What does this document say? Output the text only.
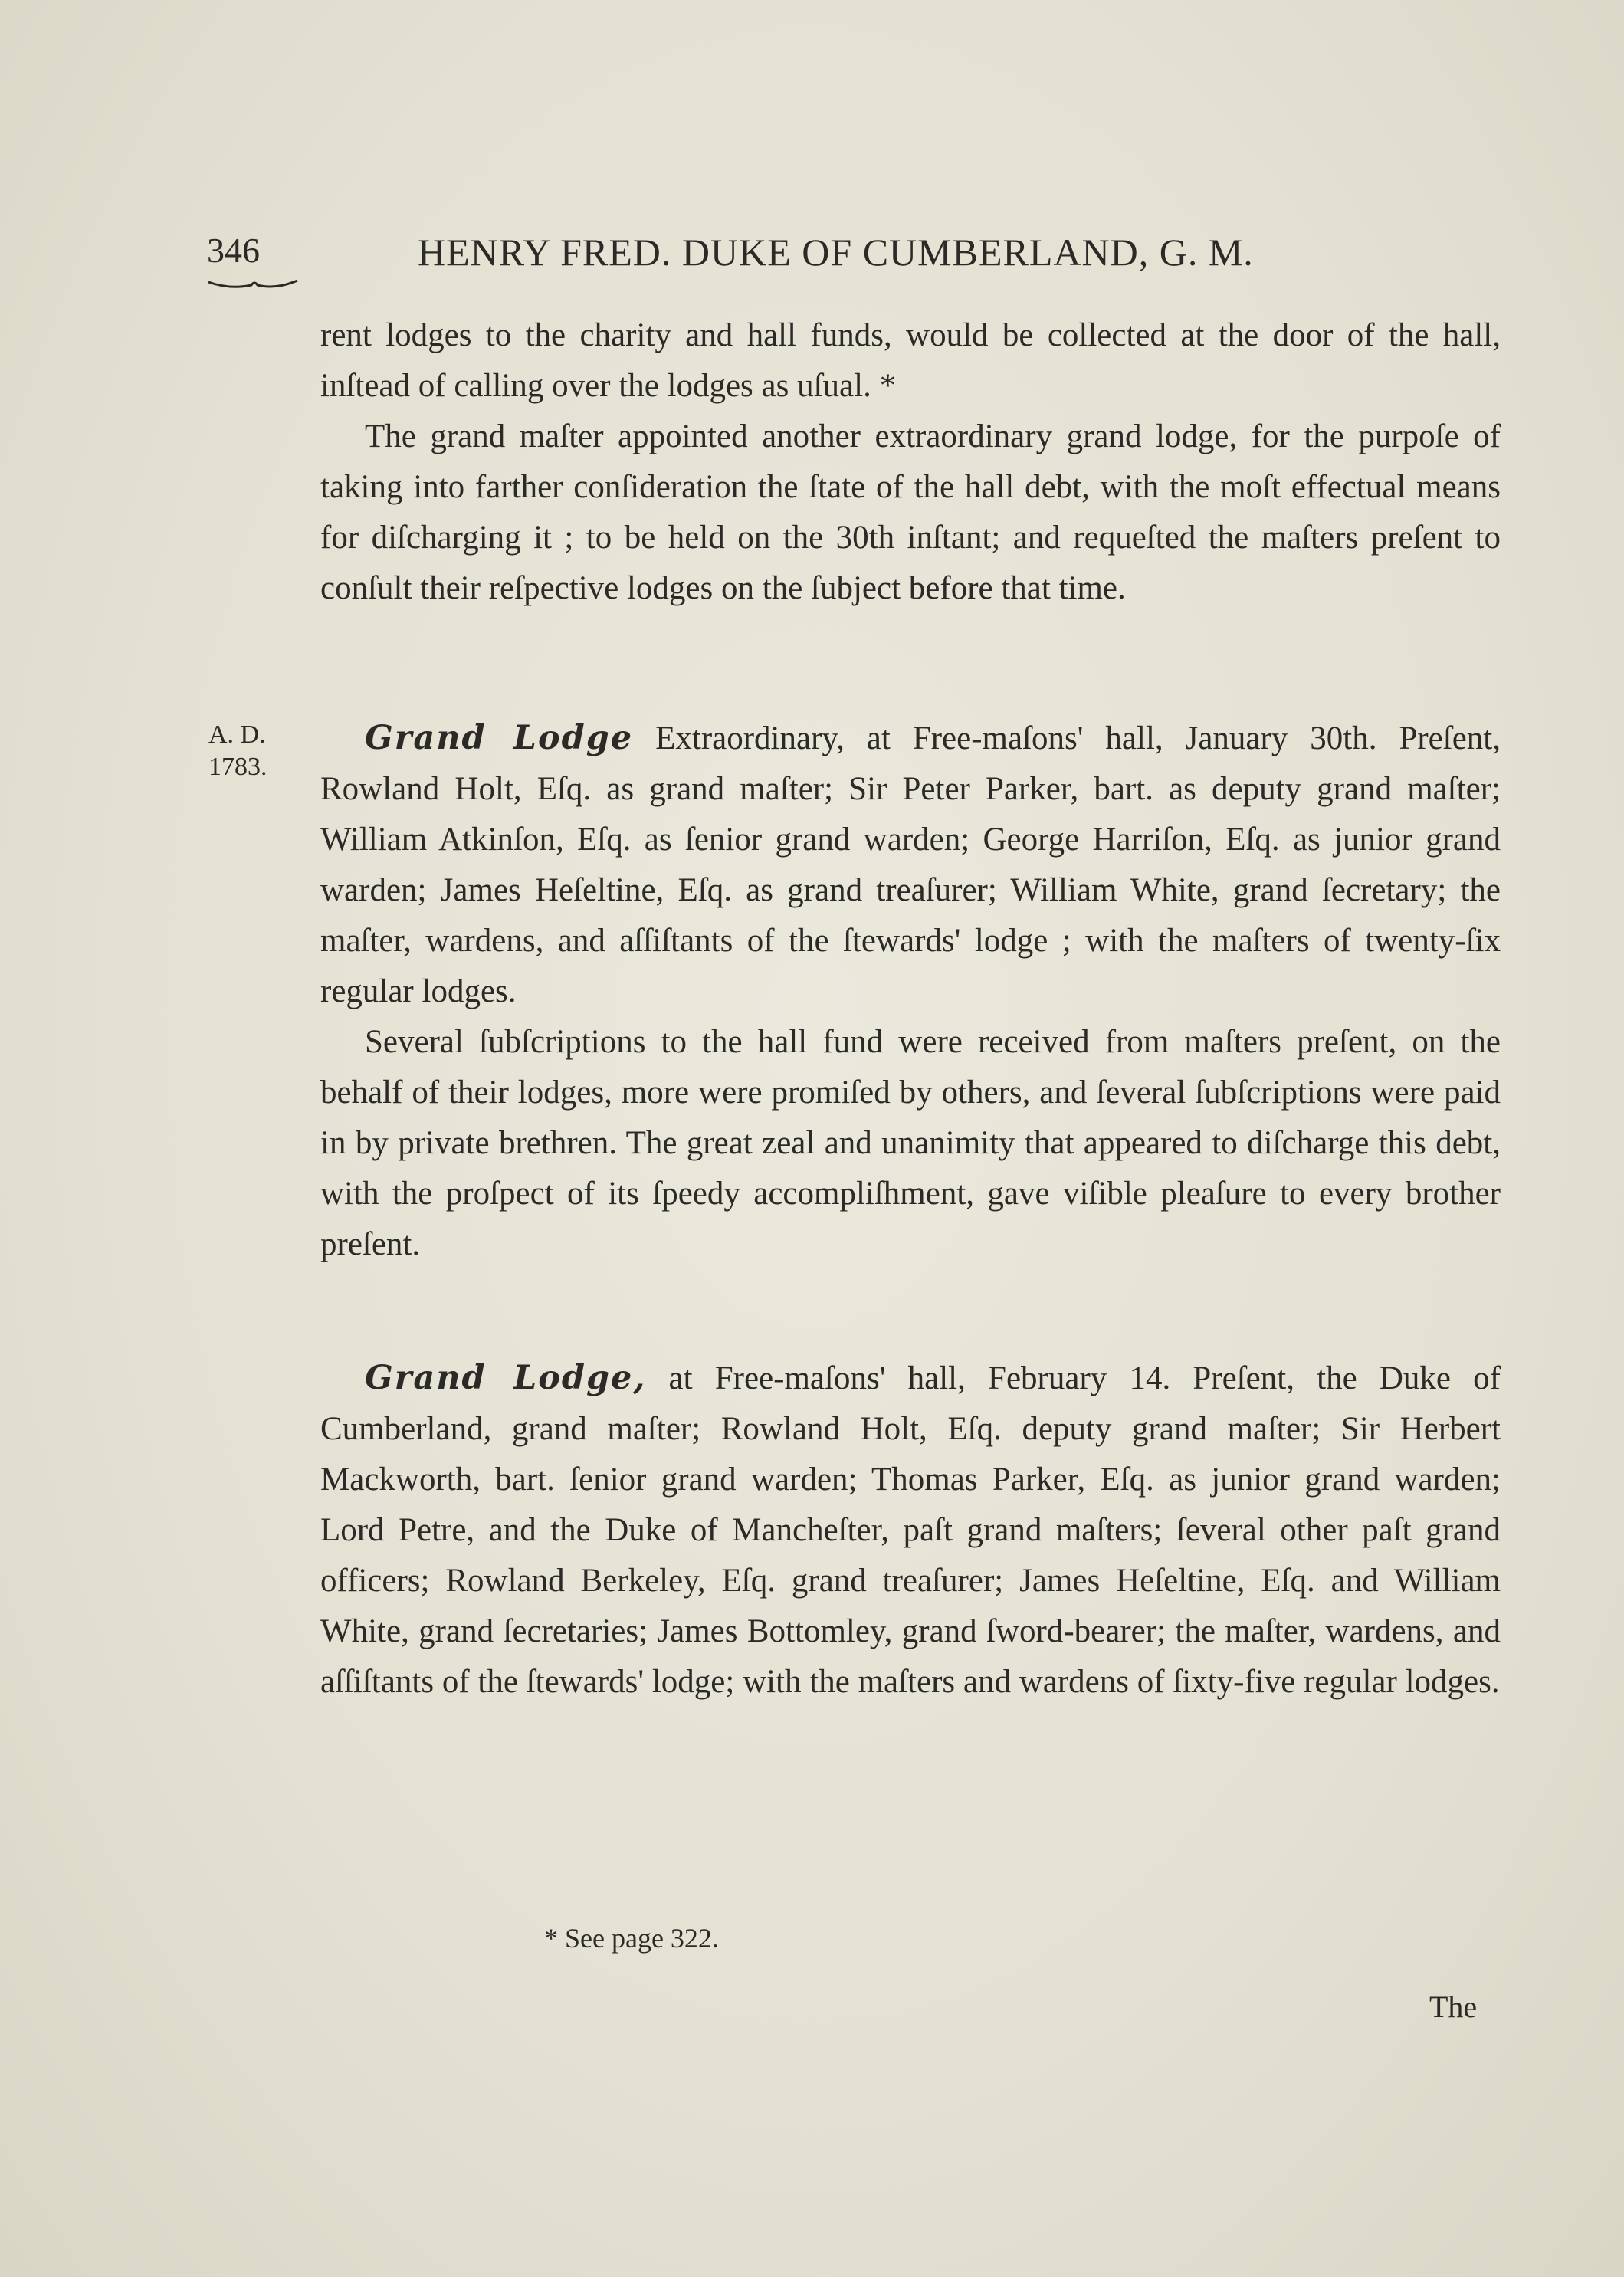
346	HENRY FRED. DUKE OF CUMBERLAND, G. M.
A. D.
1783.

rent lodges to the charity and hall funds, would be collected at the door of the hall, inſtead of calling over the lodges as uſual. *

The grand maſter appointed another extraordinary grand lodge, for the purpoſe of taking into farther conſideration the ſtate of the hall debt, with the moſt effectual means for diſcharging it ; to be held on the 30th inſtant; and requeſted the maſters preſent to conſult their reſpective lodges on the ſubject before that time.

Grand Lodge Extraordinary, at Free-maſons' hall, January 30th. Preſent, Rowland Holt, Eſq. as grand maſter; Sir Peter Parker, bart. as deputy grand maſter; William Atkinſon, Eſq. as ſenior grand warden; George Harriſon, Eſq. as junior grand warden; James Heſeltine, Eſq. as grand treaſurer; William White, grand ſecretary; the maſter, wardens, and aſſiſtants of the ſtewards' lodge ; with the maſters of twenty-ſix regular lodges.

Several ſubſcriptions to the hall fund were received from maſters preſent, on the behalf of their lodges, more were promiſed by others, and ſeveral ſubſcriptions were paid in by private brethren. The great zeal and unanimity that appeared to diſcharge this debt, with the proſpect of its ſpeedy accompliſhment, gave viſible pleaſure to every brother preſent.

Grand Lodge, at Free-maſons' hall, February 14. Preſent, the Duke of Cumberland, grand maſter; Rowland Holt, Eſq. deputy grand maſter; Sir Herbert Mackworth, bart. ſenior grand warden; Thomas Parker, Eſq. as junior grand warden; Lord Petre, and the Duke of Mancheſter, paſt grand maſters; ſeveral other paſt grand officers; Rowland Berkeley, Eſq. grand treaſurer; James Heſeltine, Eſq. and William White, grand ſecretaries; James Bottomley, grand ſword-bearer; the maſter, wardens, and aſſiſtants of the ſtewards' lodge; with the maſters and wardens of ſixty-five regular lodges.

* See page 322.
The
